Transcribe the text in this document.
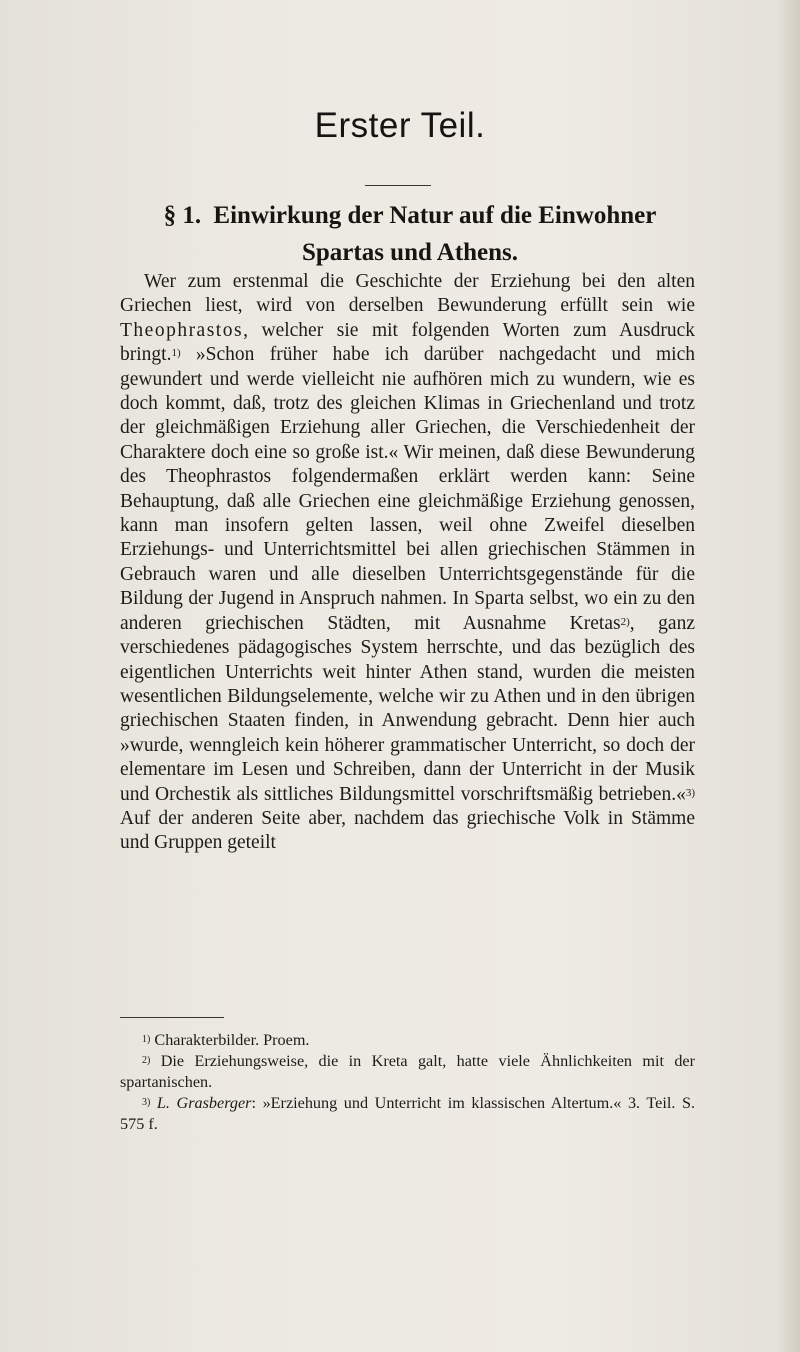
Erster Teil.
§ 1. Einwirkung der Natur auf die Einwohner
Spartas und Athens.

Wer zum erstenmal die Geschichte der Erziehung bei den alten Griechen liest, wird von derselben Bewunderung erfüllt sein wie Theophrastos, welcher sie mit folgenden Worten zum Ausdruck bringt.$^{1)}$ »Schon früher habe ich darüber nachgedacht und mich gewundert und werde vielleicht nie aufhören mich zu wundern, wie es doch kommt, daß, trotz des gleichen Klimas in Griechenland und trotz der gleichmäßigen Erziehung aller Griechen, die Verschiedenheit der Charaktere doch eine so große ist.« Wir meinen, daß diese Bewunderung des Theophrastos folgendermaßen erklärt werden kann: Seine Behauptung, daß alle Griechen eine gleichmäßige Erziehung genossen, kann man insofern gelten lassen, weil ohne Zweifel dieselben Erziehungs- und Unterrichtsmittel bei allen griechischen Stämmen in Gebrauch waren und alle dieselben Unterrichtsgegenstände für die Bildung der Jugend in Anspruch nahmen. In Sparta selbst, wo ein zu den anderen griechischen Städten, mit Ausnahme Kretas$^{2)}$, ganz verschiedenes pädagogisches System herrschte, und das bezüglich des eigentlichen Unterrichts weit hinter Athen stand, wurden die meisten wesentlichen Bildungselemente, welche wir zu Athen und in den übrigen griechischen Staaten finden, in Anwendung gebracht. Denn hier auch »wurde, wenngleich kein höherer grammatischer Unterricht, so doch der elementare im Lesen und Schreiben, dann der Unterricht in der Musik und Orchestik als sittliches Bildungsmittel vorschriftsmäßig betrieben.«$^{3)}$ Auf der anderen Seite aber, nachdem das griechische Volk in Stämme und Gruppen geteilt

$^{1)}$ Charakterbilder. Proem.

$^{2)}$ Die Erziehungsweise, die in Kreta galt, hatte viele Ähnlichkeiten mit der spartanischen.

$^{3)}$ L. Grasberger: »Erziehung und Unterricht im klassischen Altertum.« 3. Teil. S. 575 f.
